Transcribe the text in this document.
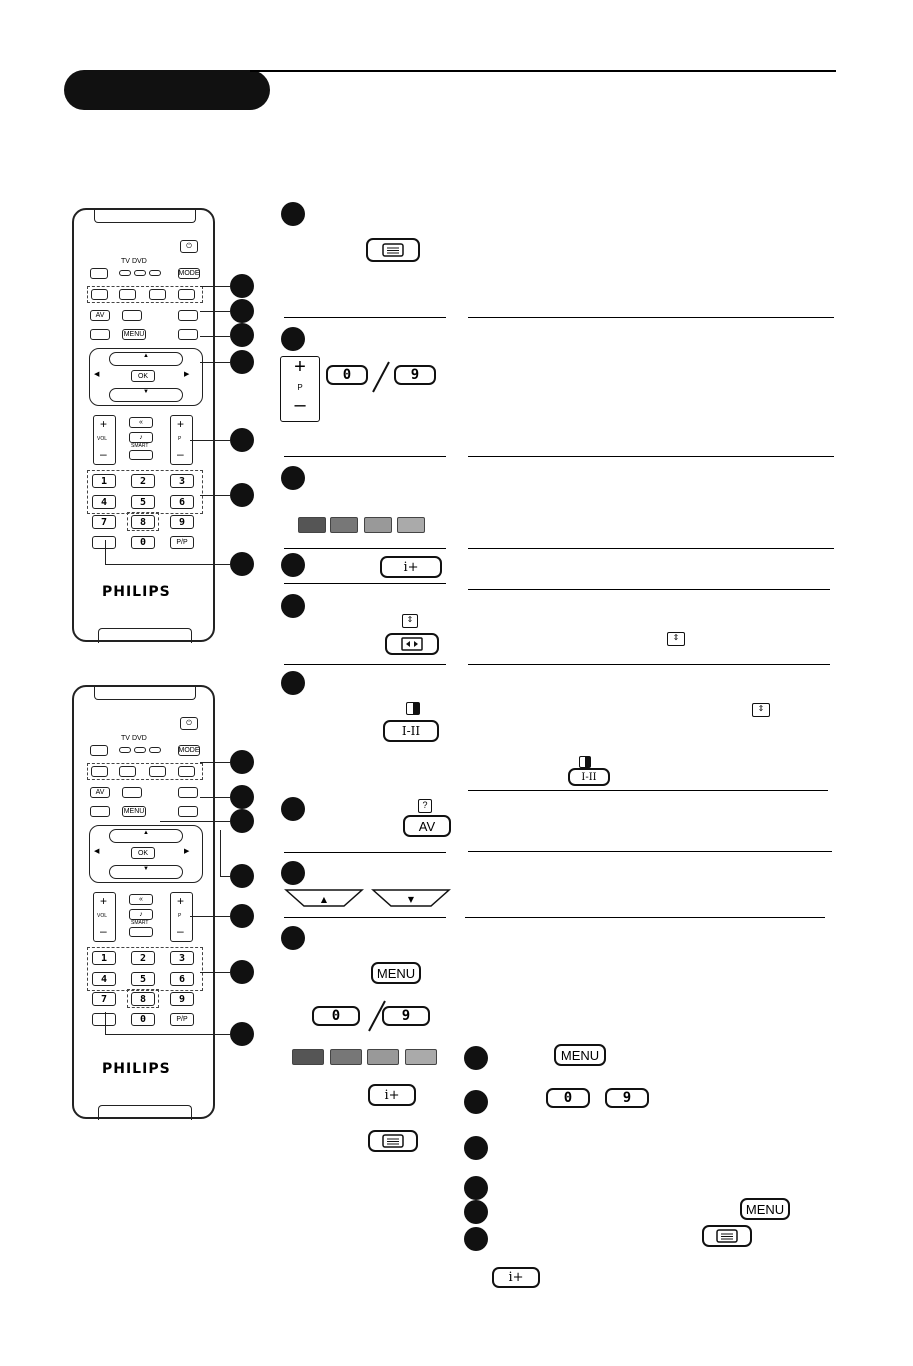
⏻
TV DVD
MODE
AV
MENU
▲
▼
OK
◀	▶
+
VOL
–
«
♪
SMART
+
P
–
1	2	3
4	5	6
7	8	9
0	P/P
PHILIPS
⏻
TV DVD
MODE
AV
MENU
▲
▼
OK
◀	▶
+
VOL
–
«
♪
SMART
+
P
–
1	2	3
4	5	6
7	8	9
0	P/P
PHILIPS
+
P
–
0	9
i+
⇕
⇕
I-II
⇕
I-II
?
AV
▲	▼
MENU
0	9
i+
MENU
0	9
MENU
i+
